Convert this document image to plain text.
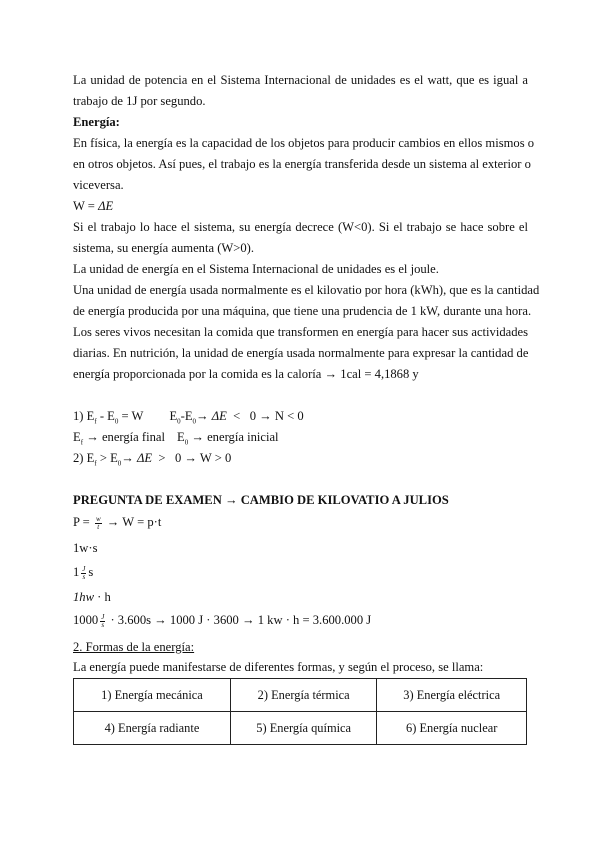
La unidad de potencia en el Sistema Internacional de unidades es el watt, que es igual a
trabajo de 1J por segundo.
Energía:
En física, la energía es la capacidad de los objetos para producir cambios en ellos mismos o
en otros objetos. Así pues, el trabajo es la energía transferida desde un sistema al exterior o
viceversa.
W = ΔE
Si el trabajo lo hace el sistema, su energía decrece (W<0). Si el trabajo se hace sobre el
sistema, su energía aumenta (W>0).
La unidad de energía en el Sistema Internacional de unidades es el joule.
Una unidad de energía usada normalmente es el kilovatio por hora (kWh), que es la cantidad
de energía producida por una máquina, que tiene una prudencia de 1 kW, durante una hora.
Los seres vivos necesitan la comida que transformen en energía para hacer sus actividades
diarias. En nutrición, la unidad de energía usada normalmente para expresar la cantidad de
energía proporcionada por la comida es la caloría → 1cal = 4,1868 y
1) $E_f - E_0 = W$ $E_0-E_0\to \Delta E < 0 \to N < 0$
$E_f$ → energía final $E_0$ → energía inicial
2) $E_f > E_0\to \Delta E > 0 \to W > 0$
PREGUNTA DE EXAMEN → CAMBIO DE KILOVATIO A JULIOS
$P = \frac{w}{t} \to W = p\cdot t$
1w·s
$1 \frac{J}{s}$ s
1hw · h
$1000 \frac{J}{s} \cdot 3.600s \to 1000$ J · 3600 → 1 kw · h = 3.600.000 J
2. Formas de la energía:
La energía puede manifestarse de diferentes formas, y según el proceso, se llama:
1) Energía mecánica	2) Energía térmica	3) Energía eléctrica
4) Energía radiante	5) Energía química	6) Energía nuclear
